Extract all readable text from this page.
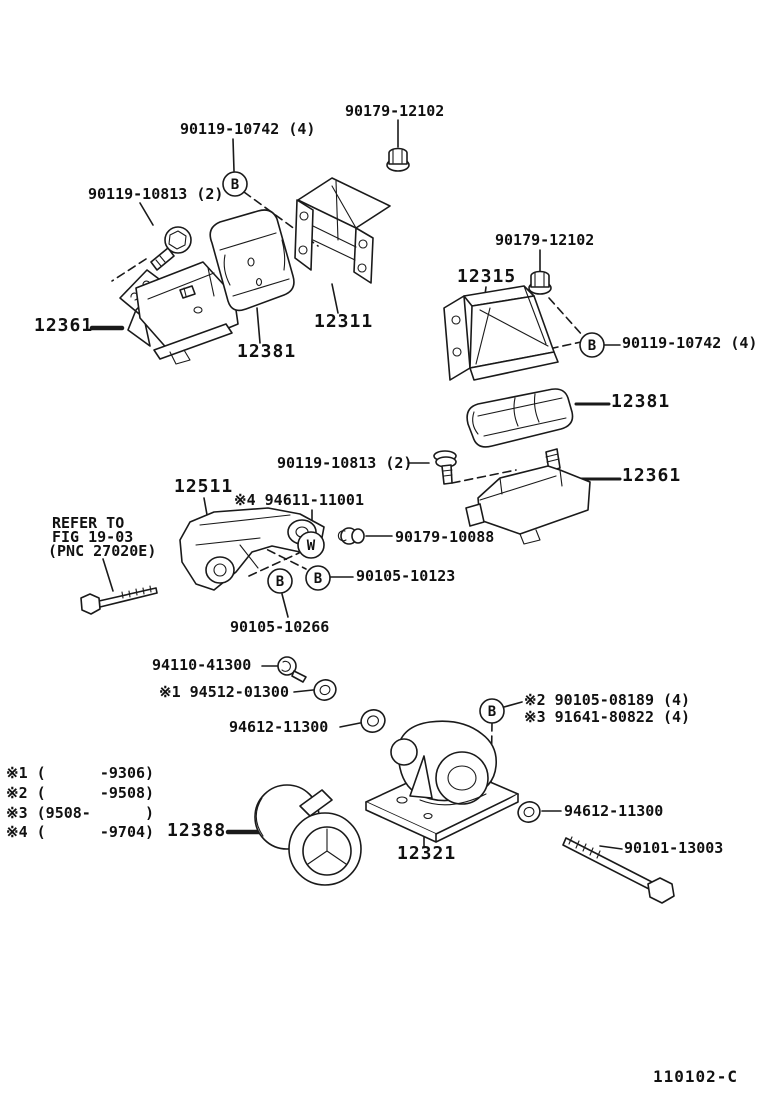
B
B
W
B B
B
90119-10742 (4)
90179-12102
90119-10813 (2)
12361
12381
12311
90179-12102
12315
90119-10742 (4)
12381
12361
90119-10813 (2)
12511
※4 94611-11001
REFER TO
FIG 19-03
(PNC 27020E)
90179-10088
90105-10123
90105-10266
94110-41300
※1 94512-01300
94612-11300
※2 90105-08189 (4)
※3 91641-80822 (4)
※1 (      -9306)
※2 (      -9508)
※3 (9508-      )
※4 (      -9704) 12388
12321
94612-11300
90101-13003
110102-C
